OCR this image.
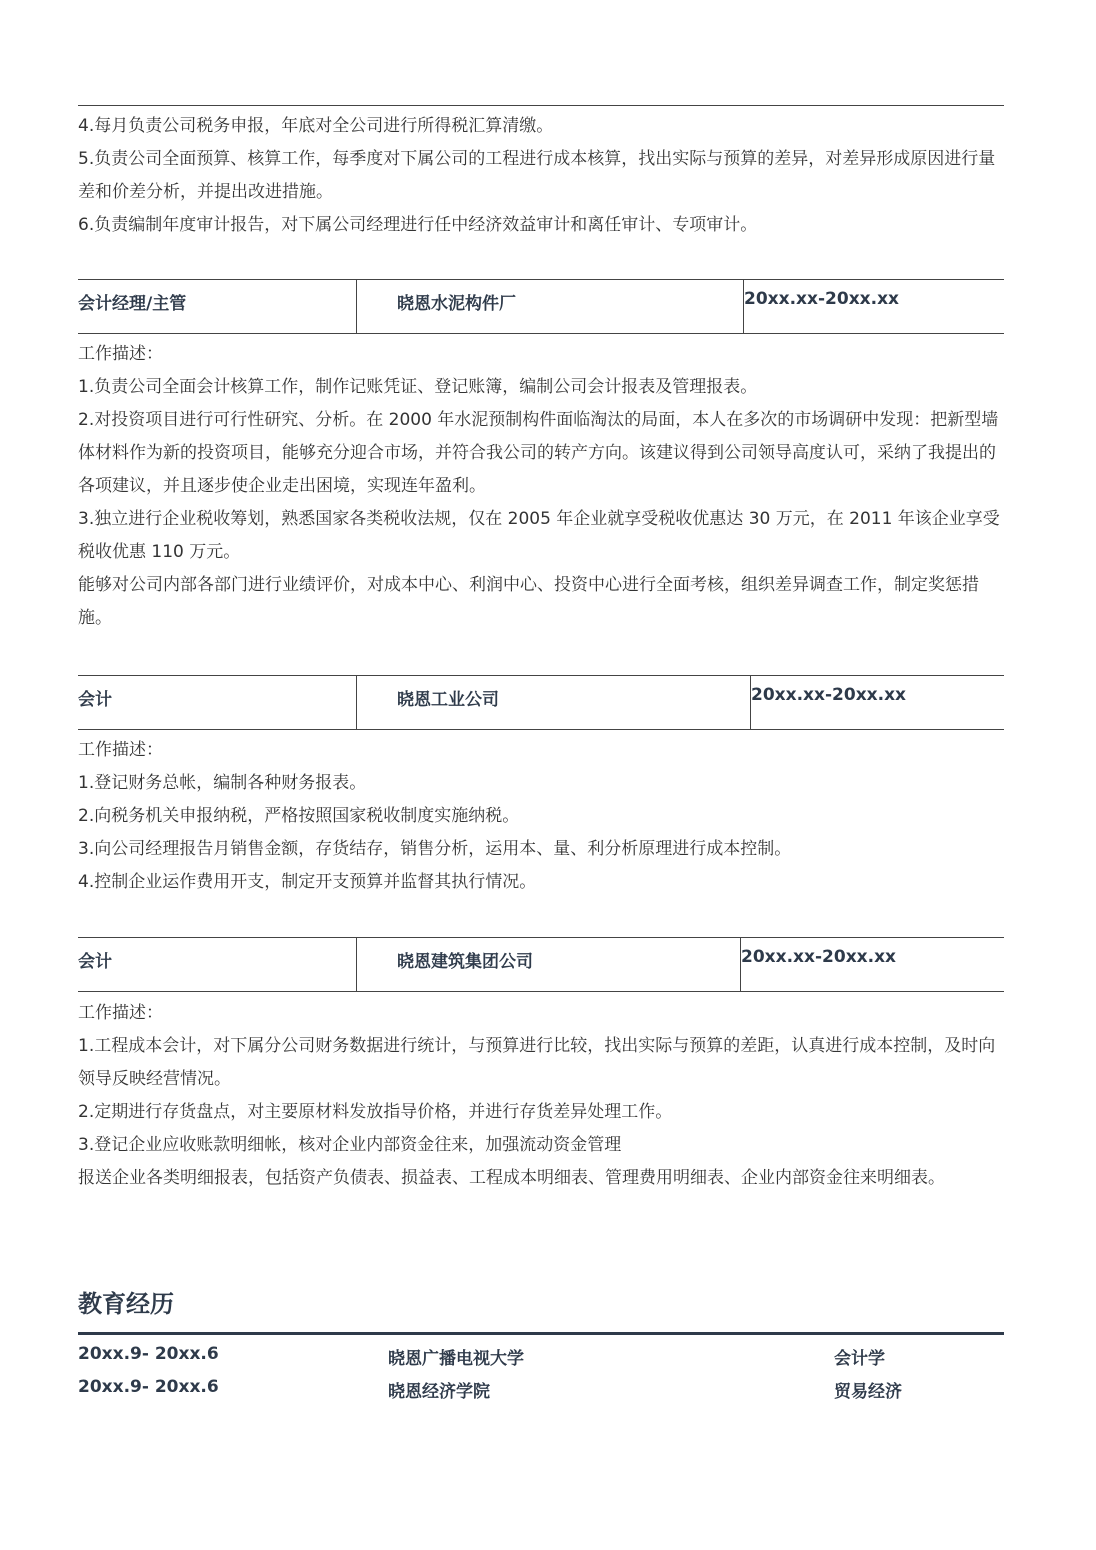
4.每月负责公司税务申报，年底对全公司进行所得税汇算清缴。

5.负责公司全面预算、核算工作，每季度对下属公司的工程进行成本核算，找出实际与预算的差异，对差异形成原因进行量差和价差分析，并提出改进措施。

6.负责编制年度审计报告，对下属公司经理进行任中经济效益审计和离任审计、专项审计。

会计经理/主管	晓恩水泥构件厂	20xx.xx-20xx.xx

工作描述：

1.负责公司全面会计核算工作，制作记账凭证、登记账簿，编制公司会计报表及管理报表。

2.对投资项目进行可行性研究、分析。在 2000 年水泥预制构件面临淘汰的局面，本人在多次的市场调研中发现：把新型墙体材料作为新的投资项目，能够充分迎合市场，并符合我公司的转产方向。该建议得到公司领导高度认可，采纳了我提出的各项建议，并且逐步使企业走出困境，实现连年盈利。

3.独立进行企业税收筹划，熟悉国家各类税收法规，仅在 2005 年企业就享受税收优惠达 30 万元，在 2011 年该企业享受税收优惠 110 万元。

能够对公司内部各部门进行业绩评价，对成本中心、利润中心、投资中心进行全面考核，组织差异调查工作，制定奖惩措施。

会计	晓恩工业公司	20xx.xx-20xx.xx

工作描述：

1.登记财务总帐，编制各种财务报表。

2.向税务机关申报纳税，严格按照国家税收制度实施纳税。

3.向公司经理报告月销售金额，存货结存，销售分析，运用本、量、利分析原理进行成本控制。

4.控制企业运作费用开支，制定开支预算并监督其执行情况。

会计	晓恩建筑集团公司	20xx.xx-20xx.xx

工作描述：

1.工程成本会计，对下属分公司财务数据进行统计，与预算进行比较，找出实际与预算的差距，认真进行成本控制，及时向领导反映经营情况。

2.定期进行存货盘点，对主要原材料发放指导价格，并进行存货差异处理工作。

3.登记企业应收账款明细帐，核对企业内部资金往来，加强流动资金管理

报送企业各类明细报表，包括资产负债表、损益表、工程成本明细表、管理费用明细表、企业内部资金往来明细表。

教育经历
20xx.9- 20xx.6	晓恩广播电视大学	会计学
20xx.9- 20xx.6	晓恩经济学院	贸易经济
